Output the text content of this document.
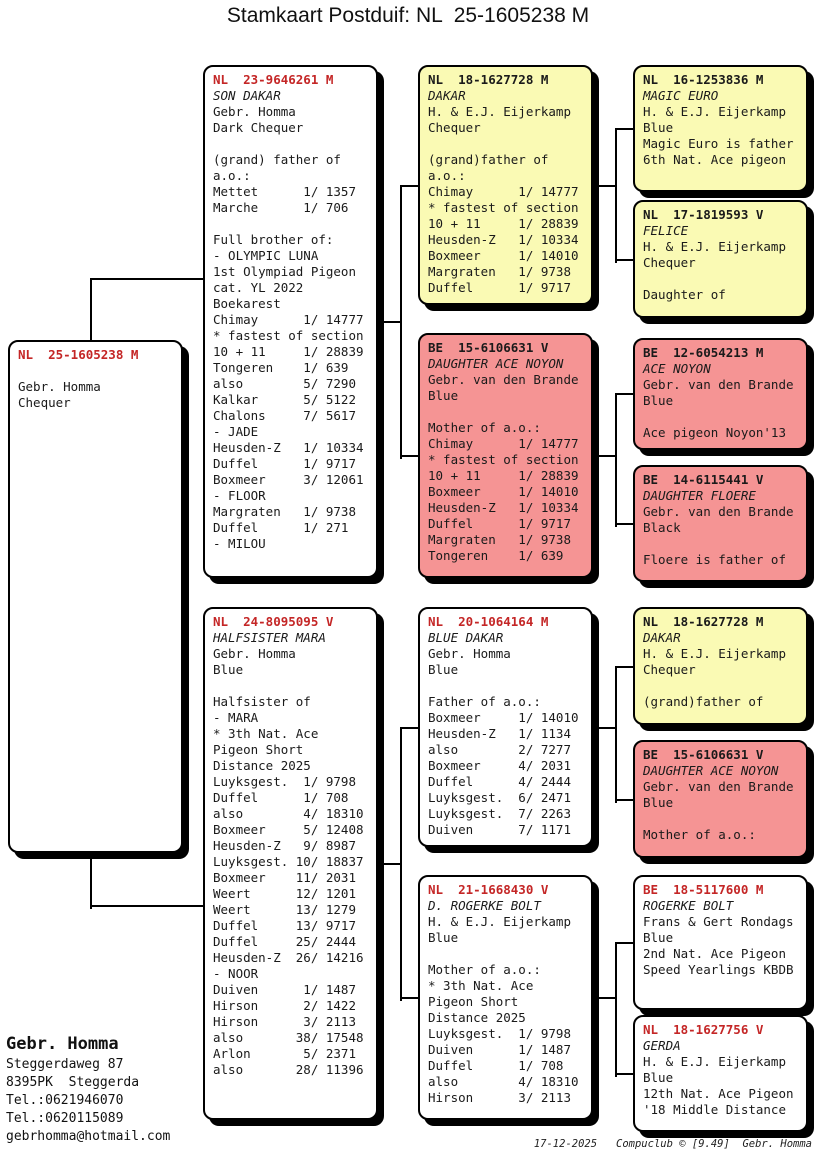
Stamkaart Postduif: NL  25-1605238 M
NL  25-1605238 M
Gebr. Homma
Chequer
NL  23-9646261 M
SON DAKAR
Gebr. Homma
Dark Chequer
(grand) father of
a.o.:
Mettet      1/ 1357
Marche      1/ 706
Full brother of:
- OLYMPIC LUNA
1st Olympiad Pigeon
cat. YL 2022
Boekarest
Chimay      1/ 14777
* fastest of section
10 + 11     1/ 28839
Tongeren    1/ 639
also        5/ 7290
Kalkar      5/ 5122
Chalons     7/ 5617
- JADE
Heusden-Z   1/ 10334
Duffel      1/ 9717
Boxmeer     3/ 12061
- FLOOR
Margraten   1/ 9738
Duffel      1/ 271
- MILOU
NL  24-8095095 V
HALFSISTER MARA
Gebr. Homma
Blue
Halfsister of
- MARA
* 3th Nat. Ace
Pigeon Short
Distance 2025
Luyksgest.  1/ 9798
Duffel      1/ 708
also        4/ 18310
Boxmeer     5/ 12408
Heusden-Z   9/ 8987
Luyksgest. 10/ 18837
Boxmeer    11/ 2031
Weert      12/ 1201
Weert      13/ 1279
Duffel     13/ 9717
Duffel     25/ 2444
Heusden-Z  26/ 14216
- NOOR
Duiven      1/ 1487
Hirson      2/ 1422
Hirson      3/ 2113
also       38/ 17548
Arlon       5/ 2371
also       28/ 11396
NL  18-1627728 M
DAKAR
H. & E.J. Eijerkamp
Chequer
(grand)father of
a.o.:
Chimay      1/ 14777
* fastest of section
10 + 11     1/ 28839
Heusden-Z   1/ 10334
Boxmeer     1/ 14010
Margraten   1/ 9738
Duffel      1/ 9717
BE  15-6106631 V
DAUGHTER ACE NOYON
Gebr. van den Brande
Blue
Mother of a.o.:
Chimay      1/ 14777
* fastest of section
10 + 11     1/ 28839
Boxmeer     1/ 14010
Heusden-Z   1/ 10334
Duffel      1/ 9717
Margraten   1/ 9738
Tongeren    1/ 639
NL  20-1064164 M
BLUE DAKAR
Gebr. Homma
Blue
Father of a.o.:
Boxmeer     1/ 14010
Heusden-Z   1/ 1134
also        2/ 7277
Boxmeer     4/ 2031
Duffel      4/ 2444
Luyksgest.  6/ 2471
Luyksgest.  7/ 2263
Duiven      7/ 1171
NL  21-1668430 V
D. ROGERKE BOLT
H. & E.J. Eijerkamp
Blue
Mother of a.o.:
* 3th Nat. Ace
Pigeon Short
Distance 2025
Luyksgest.  1/ 9798
Duiven      1/ 1487
Duffel      1/ 708
also        4/ 18310
Hirson      3/ 2113
NL  16-1253836 M
MAGIC EURO
H. & E.J. Eijerkamp
Blue
Magic Euro is father
6th Nat. Ace pigeon
NL  17-1819593 V
FELICE
H. & E.J. Eijerkamp
Chequer
Daughter of
BE  12-6054213 M
ACE NOYON
Gebr. van den Brande
Blue
Ace pigeon Noyon'13
BE  14-6115441 V
DAUGHTER FLOERE
Gebr. van den Brande
Black
Floere is father of
NL  18-1627728 M
DAKAR
H. & E.J. Eijerkamp
Chequer
(grand)father of
BE  15-6106631 V
DAUGHTER ACE NOYON
Gebr. van den Brande
Blue
Mother of a.o.:
BE  18-5117600 M
ROGERKE BOLT
Frans & Gert Rondags
Blue
2nd Nat. Ace Pigeon
Speed Yearlings KBDB
NL  18-1627756 V
GERDA
H. & E.J. Eijerkamp
Blue
12th Nat. Ace Pigeon
'18 Middle Distance
Gebr. Homma
Steggerdaweg 87
8395PK  Steggerda
Tel.:0621946070
Tel.:0620115089
gebrhomma@hotmail.com	17-12-2025   Compuclub © [9.49]  Gebr. Homma
